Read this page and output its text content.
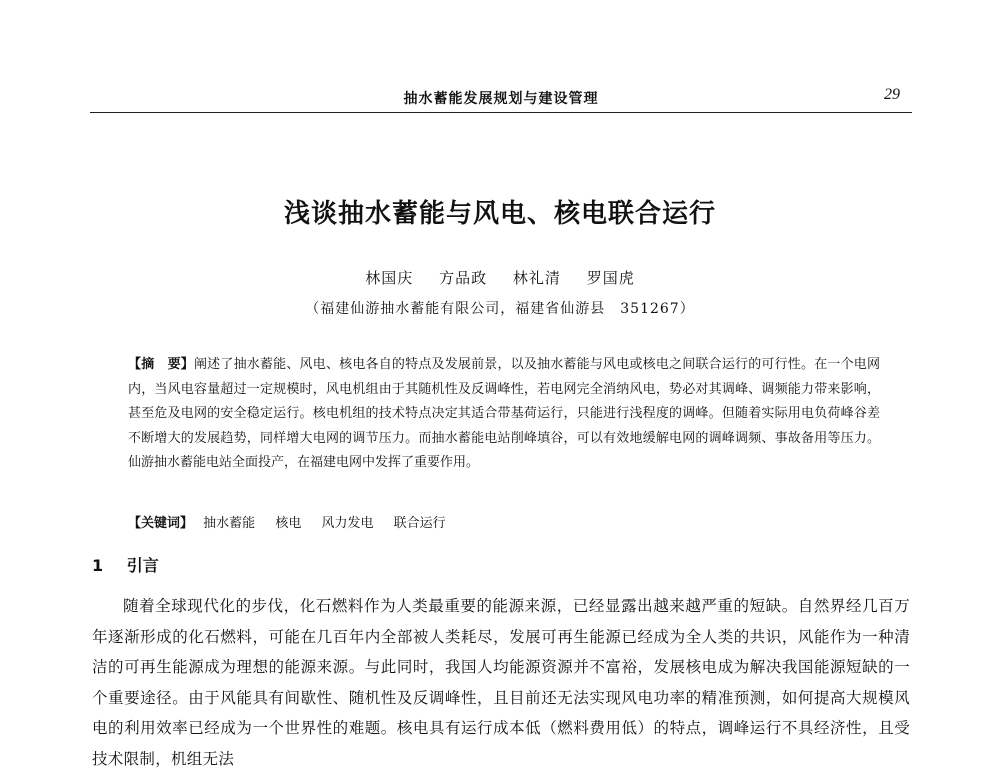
抽水蓄能发展规划与建设管理	29
浅谈抽水蓄能与风电、核电联合运行
林国庆 方品政 林礼清 罗国虎
（福建仙游抽水蓄能有限公司，福建省仙游县　351267）
【摘　要】阐述了抽水蓄能、风电、核电各自的特点及发展前景，以及抽水蓄能与风电或核电之间联合运行的可行性。在一个电网内，当风电容量超过一定规模时，风电机组由于其随机性及反调峰性，若电网完全消纳风电，势必对其调峰、调频能力带来影响，甚至危及电网的安全稳定运行。核电机组的技术特点决定其适合带基荷运行，只能进行浅程度的调峰。但随着实际用电负荷峰谷差不断增大的发展趋势，同样增大电网的调节压力。而抽水蓄能电站削峰填谷，可以有效地缓解电网的调峰调频、事故备用等压力。仙游抽水蓄能电站全面投产，在福建电网中发挥了重要作用。
【关键词】 抽水蓄能 核电 风力发电 联合运行
1 引言
随着全球现代化的步伐，化石燃料作为人类最重要的能源来源，已经显露出越来越严重的短缺。自然界经几百万年逐渐形成的化石燃料，可能在几百年内全部被人类耗尽，发展可再生能源已经成为全人类的共识，风能作为一种清洁的可再生能源成为理想的能源来源。与此同时，我国人均能源资源并不富裕，发展核电成为解决我国能源短缺的一个重要途径。由于风能具有间歇性、随机性及反调峰性，且目前还无法实现风电功率的精准预测，如何提高大规模风电的利用效率已经成为一个世界性的难题。核电具有运行成本低（燃料费用低）的特点，调峰运行不具经济性，且受技术限制，机组无法
